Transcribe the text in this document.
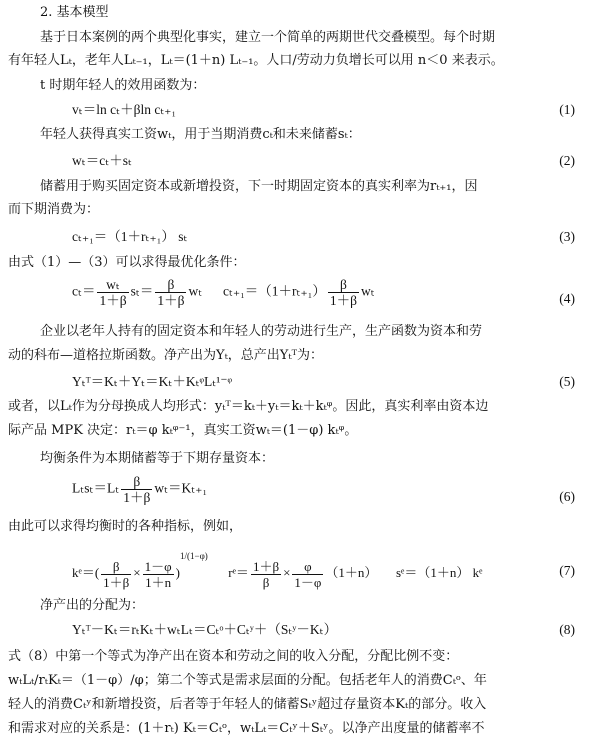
2. 基本模型
基于日本案例的两个典型化事实，建立一个简单的两期世代交叠模型。每个时期
有年轻人Lₜ，老年人Lₜ₋₁，Lₜ＝(1＋n) Lₜ₋₁。人口/劳动力负增长可以用 n＜0 来表示。
t 时期年轻人的效用函数为：
vₜ＝ln cₜ＋βln cₜ₊₁	(1)
年轻人获得真实工资wₜ，用于当期消费cₜ和未来储蓄sₜ：
wₜ＝cₜ＋sₜ	(2)
储蓄用于购买固定资本或新增投资，下一时期固定资本的真实利率为rₜ₊₁，因
而下期消费为：
cₜ₊₁＝（1＋rₜ₊₁） sₜ	(3)
由式（1）—（3）可以求得最优化条件：
$c_t= \frac{\text{wₜ}}{1+\beta} s_t= \frac{\beta}{1+\beta}$ wₜ $c_{t+1}=(1+r_{t+1}) \frac{\beta}{1+\beta}$ wₜ	(4)
企业以老年人持有的固定资本和年轻人的劳动进行生产，生产函数为资本和劳
动的科布—道格拉斯函数。净产出为Yₜ，总产出Yₜᵀ为：
Yₜᵀ＝Kₜ＋Yₜ＝Kₜ＋KₜᵠLₜ¹⁻ᵠ	(5)
或者，以Lₜ作为分母换成人均形式：yₜᵀ＝kₜ＋yₜ＝kₜ＋kₜᵠ。因此，真实利率由资本边
际产品 MPK 决定：rₜ＝φ kₜᵠ⁻¹，真实工资wₜ＝(1－φ) kₜᵠ。
均衡条件为本期储蓄等于下期存量资本：
$L_ts_t=L_t \frac{\beta}{1+\beta} w_t=K_{t+1}$
(6)
由此可以求得均衡时的各种指标，例如，
kᵉ＝( $\frac{\beta}{1+\beta} \times \frac{1-\varphi}{1+n} )^{1/(1-\varphi)}$  rᵉ＝ $\frac{1+\beta}{\beta} \times \frac{\varphi}{1-\varphi} (1+n)$ sᵉ＝（1＋n） kᵉ	(7)
净产出的分配为：
Yₜᵀ－Kₜ＝rₜKₜ＋wₜLₜ＝Cₜᵒ＋Cₜʸ＋（Sₜʸ－Kₜ）	(8)
式（8）中第一个等式为净产出在资本和劳动之间的收入分配，分配比例不变：
wₜLₜ/rₜKₜ＝（1－φ）/φ；第二个等式是需求层面的分配。包括老年人的消费Cₜᵒ、年
轻人的消费Cₜʸ和新增投资，后者等于年轻人的储蓄Sₜʸ超过存量资本Kₜ的部分。收入
和需求对应的关系是：(1＋rₜ) Kₜ＝Cₜᵒ，wₜLₜ＝Cₜʸ＋Sₜʸ。以净产出度量的储蓄率不
